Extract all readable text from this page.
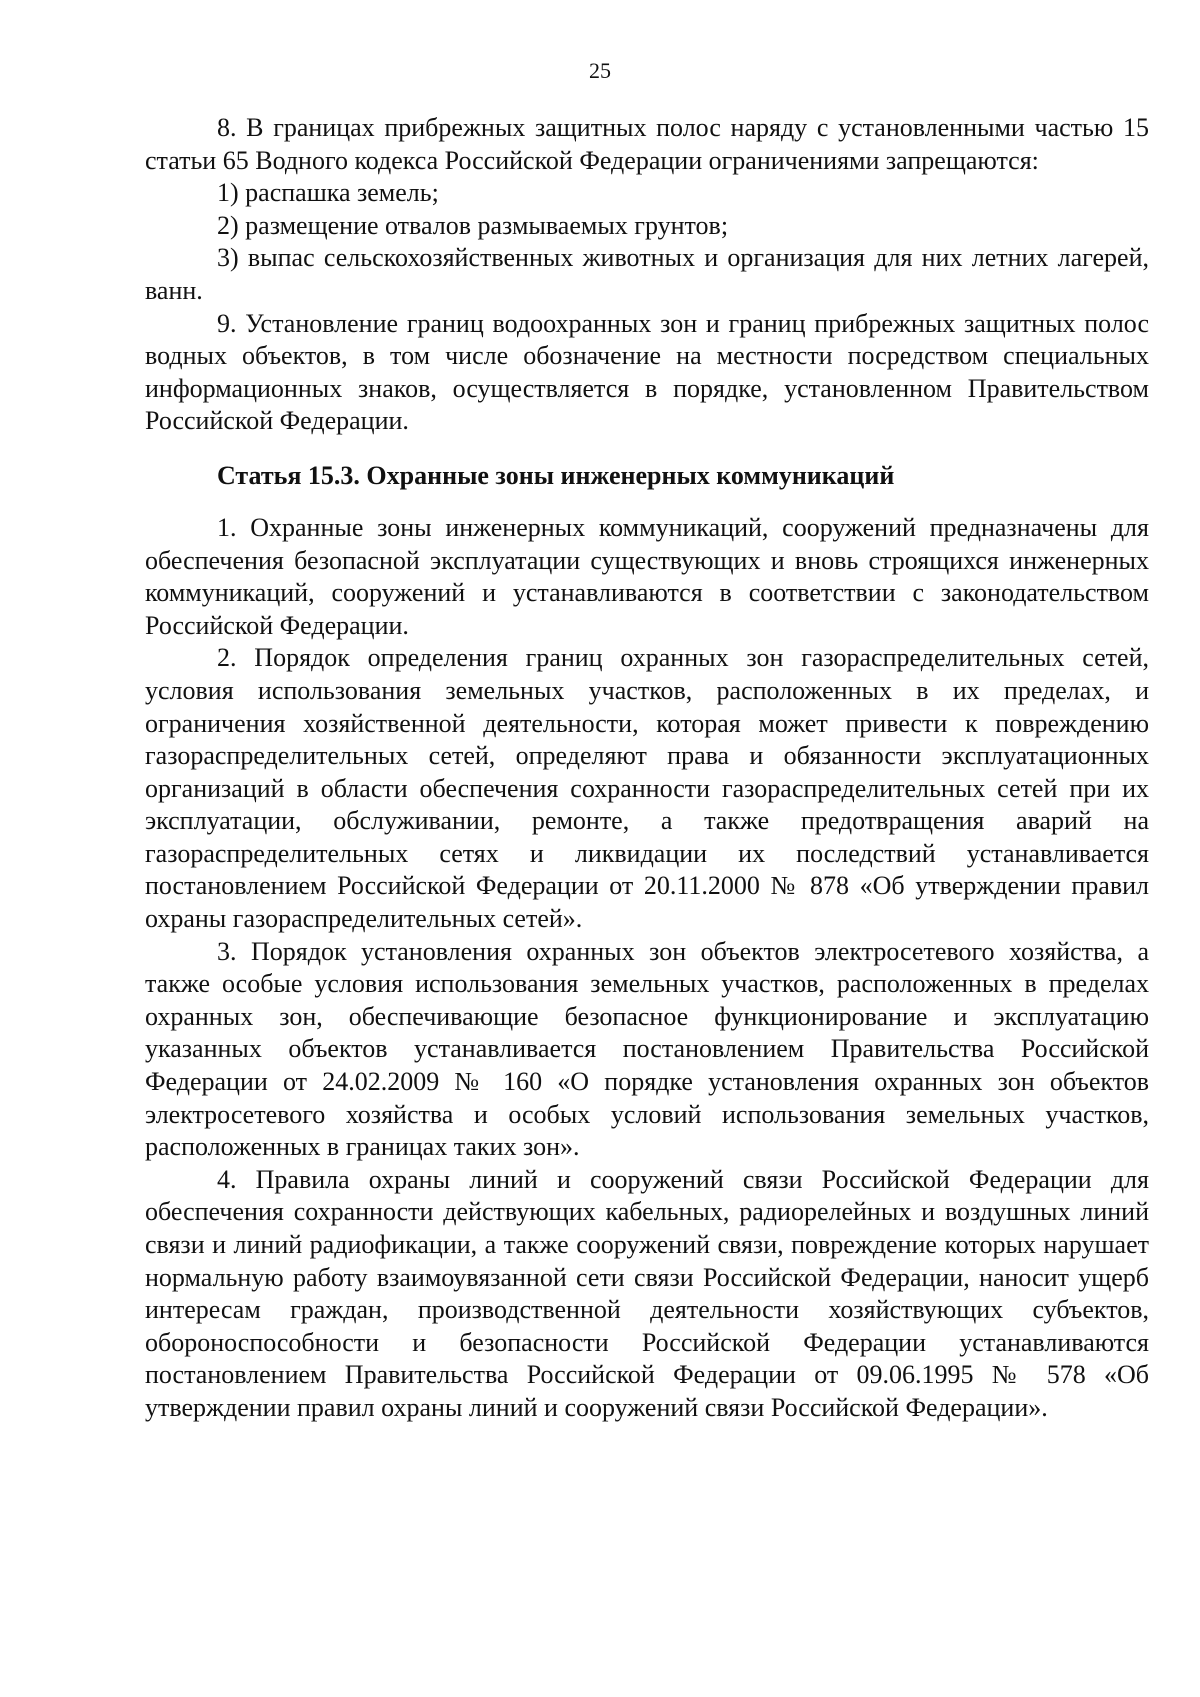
25

8. В границах прибрежных защитных полос наряду с установленными частью 15 статьи 65 Водного кодекса Российской Федерации ограничениями запрещаются:

1) распашка земель;

2) размещение отвалов размываемых грунтов;

3) выпас сельскохозяйственных животных и организация для них летних лагерей, ванн.

9. Установление границ водоохранных зон и границ прибрежных защитных полос водных объектов, в том числе обозначение на местности посредством специальных информационных знаков, осуществляется в порядке, установленном Правительством Российской Федерации.

Статья 15.3. Охранные зоны инженерных коммуникаций

1. Охранные зоны инженерных коммуникаций, сооружений предназначены для обеспечения безопасной эксплуатации существующих и вновь строящихся инженерных коммуникаций, сооружений и устанавливаются в соответствии с законодательством Российской Федерации.

2. Порядок определения границ охранных зон газораспределительных сетей, условия использования земельных участков, расположенных в их пределах, и ограничения хозяйственной деятельности, которая может привести к повреждению газораспределительных сетей, определяют права и обязанности эксплуатационных организаций в области обеспечения сохранности газораспределительных сетей при их эксплуатации, обслуживании, ремонте, а также предотвращения аварий на газораспределительных сетях и ликвидации их последствий устанавливается постановлением Российской Федерации от 20.11.2000 № 878 «Об утверждении правил охраны газораспределительных сетей».

3. Порядок установления охранных зон объектов электросетевого хозяйства, а также особые условия использования земельных участков, расположенных в пределах охранных зон, обеспечивающие безопасное функционирование и эксплуатацию указанных объектов устанавливается постановлением Правительства Российской Федерации от 24.02.2009 № 160 «О порядке установления охранных зон объектов электросетевого хозяйства и особых условий использования земельных участков, расположенных в границах таких зон».

4. Правила охраны линий и сооружений связи Российской Федерации для обеспечения сохранности действующих кабельных, радиорелейных и воздушных линий связи и линий радиофикации, а также сооружений связи, повреждение которых нарушает нормальную работу взаимоувязанной сети связи Российской Федерации, наносит ущерб интересам граждан, производственной деятельности хозяйствующих субъектов, обороноспособности и безопасности Российской Федерации устанавливаются постановлением Правительства Российской Федерации от 09.06.1995 № 578 «Об утверждении правил охраны линий и сооружений связи Российской Федерации».
